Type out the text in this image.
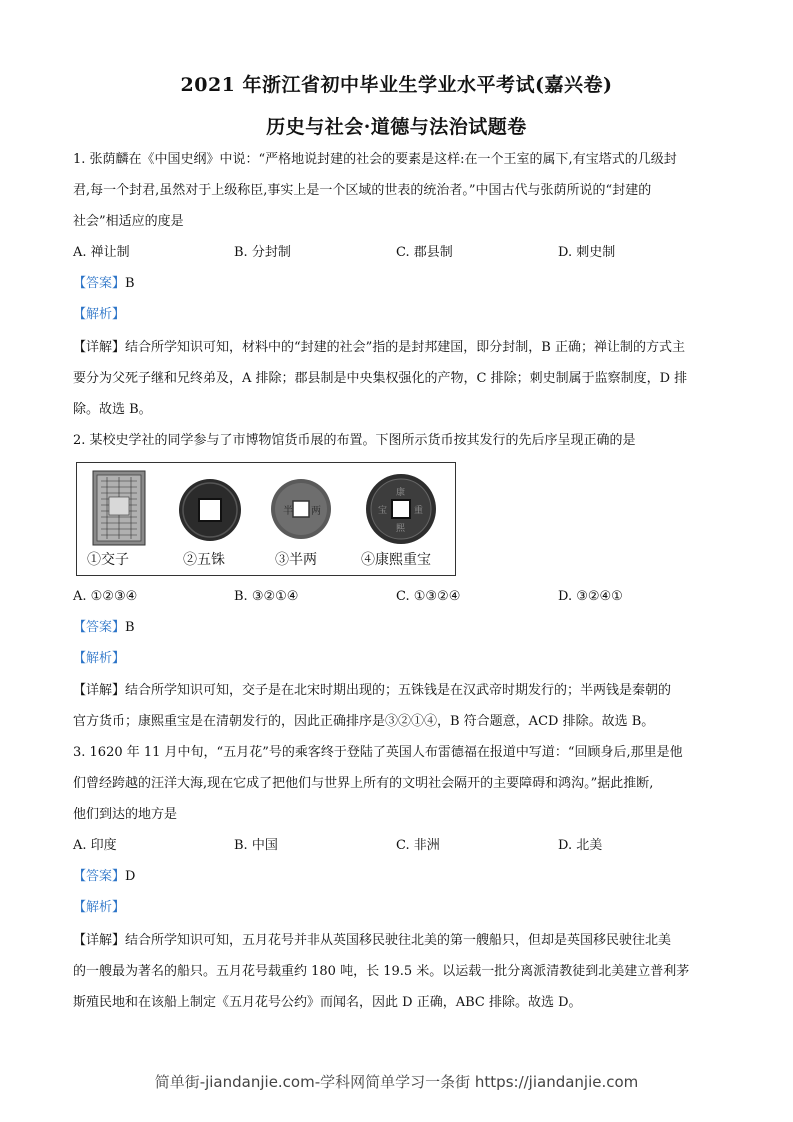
2021 年浙江省初中毕业生学业水平考试(嘉兴卷)
历史与社会·道德与法治试题卷
1. 张荫麟在《中国史纲》中说：“严格地说封建的社会的要素是这样:在一个王室的属下,有宝塔式的几级封
君,每一个封君,虽然对于上级称臣,事实上是一个区域的世表的统治者。”中国古代与张荫所说的“封建的
社会”相适应的度是
A. 禅让制	B. 分封制	C. 郡县制	D. 刺史制
【答案】B
【解析】
【详解】结合所学知识可知，材料中的“封建的社会”指的是封邦建国，即分封制，B 正确；禅让制的方式主
要分为父死子继和兄终弟及，A 排除；郡县制是中央集权强化的产物，C 排除；刺史制属于监察制度，D 排
除。故选 B。
2. 某校史学社的同学参与了市博物馆货币展的布置。下图所示货币按其发行的先后序呈现正确的是
半 两
康
熙
重
宝
①交子	②五铢	③半两	④康熙重宝
A. ①②③④	B. ③②①④	C. ①③②④	D. ③②④①
【答案】B
【解析】
【详解】结合所学知识可知，交子是在北宋时期出现的；五铢钱是在汉武帝时期发行的；半两钱是秦朝的
官方货币；康熙重宝是在清朝发行的，因此正确排序是③②①④，B 符合题意，ACD 排除。故选 B。
3. 1620 年 11 月中旬，“五月花”号的乘客终于登陆了英国人布雷德福在报道中写道：“回顾身后,那里是他
们曾经跨越的汪洋大海,现在它成了把他们与世界上所有的文明社会隔开的主要障碍和鸿沟。”据此推断,
他们到达的地方是
A. 印度	B. 中国	C. 非洲	D. 北美
【答案】D
【解析】
【详解】结合所学知识可知，五月花号并非从英国移民驶往北美的第一艘船只，但却是英国移民驶往北美
的一艘最为著名的船只。五月花号载重约 180 吨，长 19.5 米。以运载一批分离派清教徒到北美建立普利茅
斯殖民地和在该船上制定《五月花号公约》而闻名，因此 D 正确，ABC 排除。故选 D。
简单街-jiandanjie.com-学科网简单学习一条街 https://jiandanjie.com
